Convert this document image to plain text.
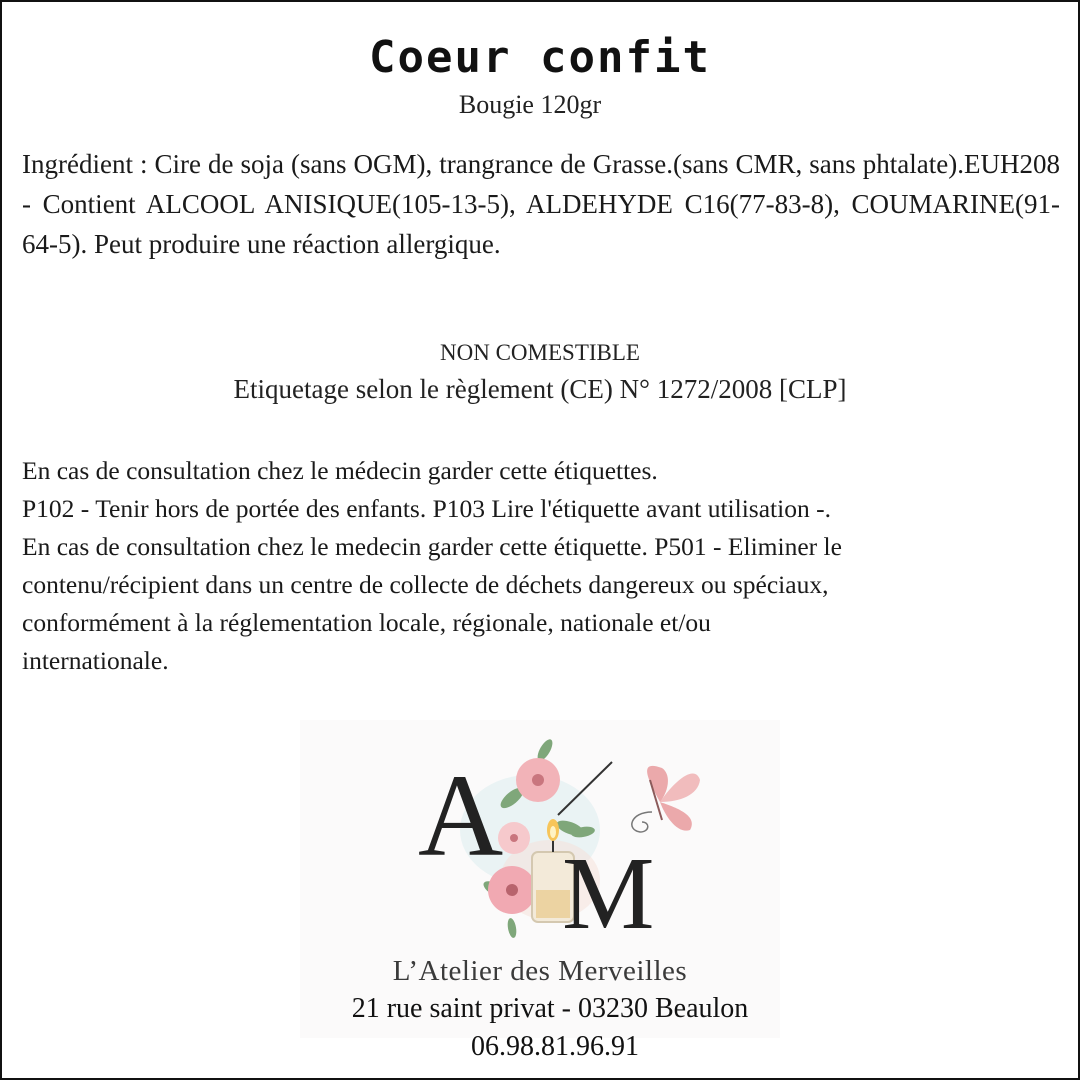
Coeur confit
Bougie 120gr
Ingrédient : Cire de soja (sans OGM), trangrance de Grasse.(sans CMR, sans phtalate).EUH208 - Contient ALCOOL ANISIQUE(105-13-5), ALDEHYDE C16(77-83-8), COUMARINE(91-64-5). Peut produire une réaction allergique.
NON COMESTIBLE
Etiquetage selon le règlement (CE) N° 1272/2008 [CLP]
En cas de consultation chez le médecin garder cette étiquettes.
P102 - Tenir hors de portée des enfants. P103 Lire l'étiquette avant utilisation -.
En cas de consultation chez le medecin garder cette étiquette. P501 - Eliminer le
contenu/récipient dans un centre de collecte de déchets dangereux ou spéciaux,
conformément à la réglementation locale, régionale, nationale et/ou
internationale.
A
M
L’Atelier des Merveilles
21 rue saint privat - 03230 Beaulon
06.98.81.96.91
